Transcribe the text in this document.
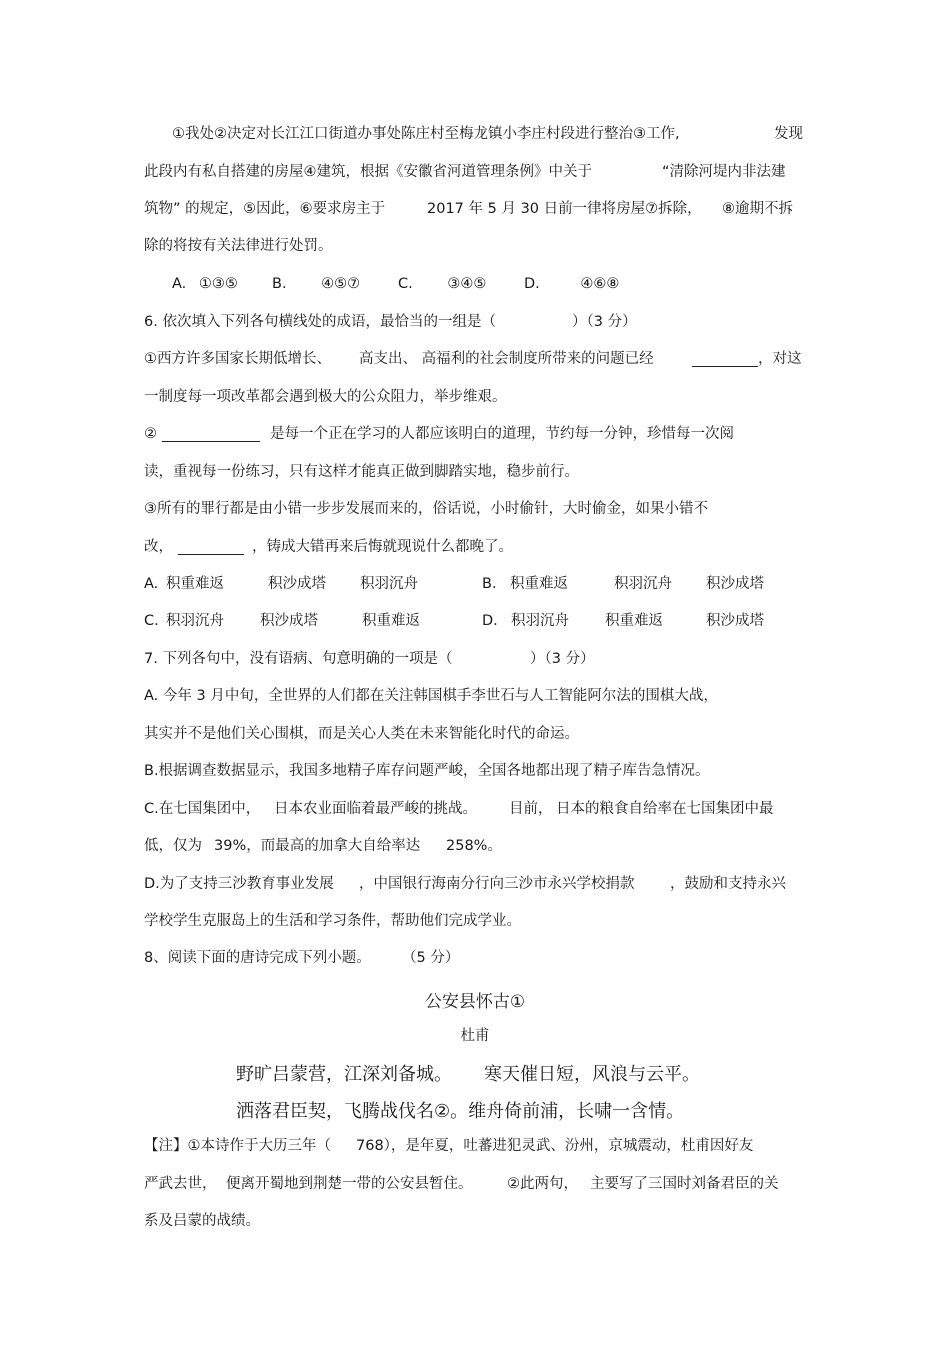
①我处②决定对长江江口街道办事处陈庄村至梅龙镇小李庄村段进行整治③工作,	发现
此段内有私自搭建的房屋④建筑，根据《安徽省河道管理条例》中关于	“清除河堤内非法建
筑物” 的规定，⑤因此，⑥要求房主于	2017 年 5 月 30 日前一律将房屋⑦拆除， ⑧逾期不拆
除的将按有关法律进行处罚。
A. ①③⑤ B. ④⑤⑦	C. ③④⑤	D.	④⑥⑧
6. 依次填入下列各句横线处的成语，最恰当的一组是（	）（3 分）
①西方许多国家长期低增长、 高支出、 高福利的社会制度所带来的问题已经	，对这
一制度每一项改革都会遇到极大的公众阻力，举步维艰。
②	是每一个正在学习的人都应该明白的道理，节约每一分钟，珍惜每一次阅
读，重视每一份练习，只有这样才能真正做到脚踏实地，稳步前行。
③所有的罪行都是由小错一步步发展而来的，俗话说，小时偷针，大时偷金，如果小错不
改，	，铸成大错再来后悔就现说什么都晚了。
A. 积重难返	积沙成塔 积羽沉舟	B． 积重难返	积羽沉舟 积沙成塔
C. 积羽沉舟 积沙成塔	积重难返	D． 积羽沉舟 积重难返	积沙成塔
7. 下列各句中，没有语病、句意明确的一项是（	）（3 分）
A. 今年 3 月中旬，全世界的人们都在关注韩国棋手李世石与人工智能阿尔法的围棋大战，
其实并不是他们关心围棋，而是关心人类在未来智能化时代的命运。
B.根据调查数据显示，我国多地精子库存问题严峻，全国各地都出现了精子库告急情况。
C.在七国集团中， 日本农业面临着最严峻的挑战。 目前， 日本的粮食自给率在七国集团中最
低，仅为 39%，而最高的加拿大自给率达 258%。
D.为了支持三沙教育事业发展 ，中国银行海南分行向三沙市永兴学校捐款 ，鼓励和支持永兴
学校学生克服岛上的生活和学习条件，帮助他们完成学业。
8、阅读下面的唐诗完成下列小题。 （5 分）
公安县怀古①
杜甫
野旷吕蒙营，江深刘备城。 寒天催日短，风浪与云平。
洒落君臣契，飞腾战伐名②。维舟倚前浦，长啸一含情。
【注】①本诗作于大历三年（ 768），是年夏，吐蕃进犯灵武、汾州，京城震动，杜甫因好友
严武去世， 便离开蜀地到荆楚一带的公安县暂住。 ②此两句， 主要写了三国时刘备君臣的关
系及吕蒙的战绩。
